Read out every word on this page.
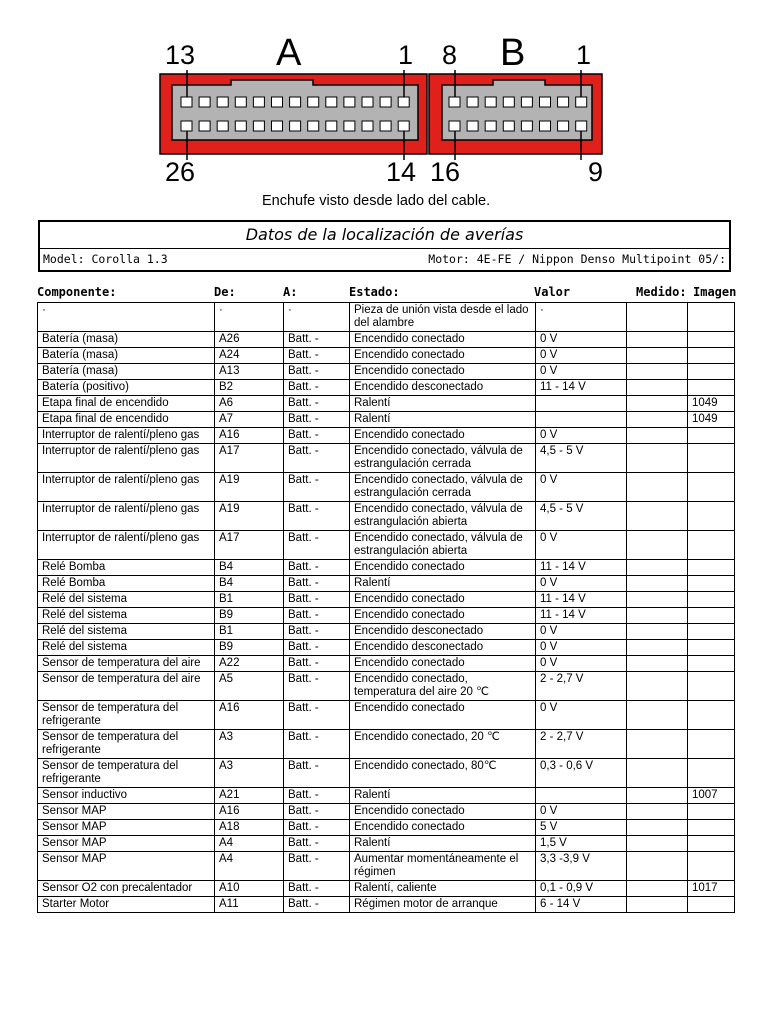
A	B
13	1
26	14
8	1
16	9
Enchufe visto desde lado del cable.
Datos de la localización de averías
Model: Corolla 1.3	Motor: 4E-FE / Nippon Denso Multipoint 05/:
Componente:	De:	A:	Estado:	Valor	Medido: Imagen
·	·	·	Pieza de unión vista desde el lado del alambre	·		
Batería (masa)	A26	Batt. -	Encendido conectado	0 V		
Batería (masa)	A24	Batt. -	Encendido conectado	0 V		
Batería (masa)	A13	Batt. -	Encendido conectado	0 V		
Batería (positivo)	B2	Batt. -	Encendido desconectado	11 - 14 V		
Etapa final de encendido	A6	Batt. -	Ralentí			1049
Etapa final de encendido	A7	Batt. -	Ralentí			1049
Interruptor de ralentí/pleno gas	A16	Batt. -	Encendido conectado	0 V		
Interruptor de ralentí/pleno gas	A17	Batt. -	Encendido conectado, válvula de estrangulación cerrada	4,5 - 5 V		
Interruptor de ralentí/pleno gas	A19	Batt. -	Encendido conectado, válvula de estrangulación cerrada	0 V		
Interruptor de ralentí/pleno gas	A19	Batt. -	Encendido conectado, válvula de estrangulación abierta	4,5 - 5 V		
Interruptor de ralentí/pleno gas	A17	Batt. -	Encendido conectado, válvula de estrangulación abierta	0 V		
Relé Bomba	B4	Batt. -	Encendido conectado	11 - 14 V		
Relé Bomba	B4	Batt. -	Ralentí	0 V		
Relé del sistema	B1	Batt. -	Encendido conectado	11 - 14 V		
Relé del sistema	B9	Batt. -	Encendido conectado	11 - 14 V		
Relé del sistema	B1	Batt. -	Encendido desconectado	0 V		
Relé del sistema	B9	Batt. -	Encendido desconectado	0 V		
Sensor de temperatura del aire	A22	Batt. -	Encendido conectado	0 V		
Sensor de temperatura del aire	A5	Batt. -	Encendido conectado, temperatura del aire 20 ℃	2 - 2,7 V		
Sensor de temperatura del refrigerante	A16	Batt. -	Encendido conectado	0 V		
Sensor de temperatura del refrigerante	A3	Batt. -	Encendido conectado, 20 ℃	2 - 2,7 V		
Sensor de temperatura del refrigerante	A3	Batt. -	Encendido conectado, 80℃	0,3 - 0,6 V		
Sensor inductivo	A21	Batt. -	Ralentí			1007
Sensor MAP	A16	Batt. -	Encendido conectado	0 V		
Sensor MAP	A18	Batt. -	Encendido conectado	5 V		
Sensor MAP	A4	Batt. -	Ralentí	1,5 V		
Sensor MAP	A4	Batt. -	Aumentar momentáneamente el régimen	3,3 -3,9 V		
Sensor O2 con precalentador	A10	Batt. -	Ralentí, caliente	0,1 - 0,9 V		1017
Starter Motor	A11	Batt. -	Régimen motor de arranque	6 - 14 V		
